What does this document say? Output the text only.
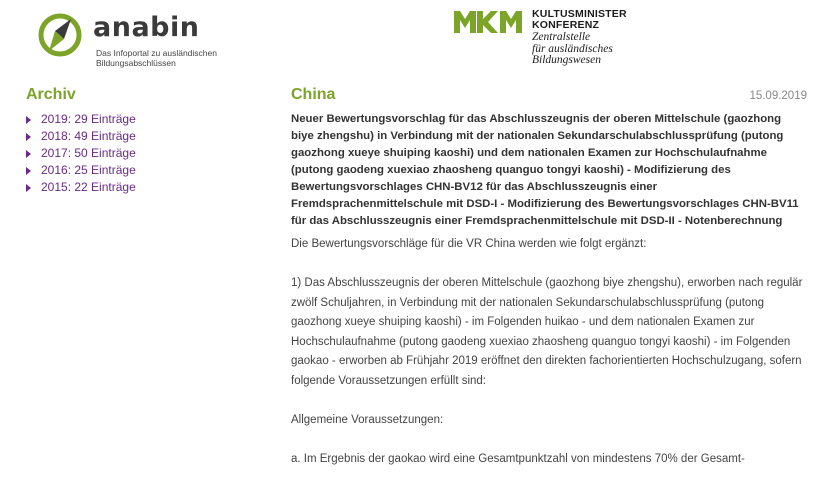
anabin
Das Infoportal zu ausländischen
Bildungsabschlüssen
KULTUSMINISTER
KONFERENZ
Zentralstelle
für ausländisches
Bildungswesen
Archiv
2019: 29 Einträge
2018: 49 Einträge
2017: 50 Einträge
2016: 25 Einträge
2015: 22 Einträge
China	15.09.2019
Neuer Bewertungsvorschlag für das Abschlusszeugnis der oberen Mittelschule (gaozhong biye zhengshu) in Verbindung mit der nationalen Sekundarschulabschlussprüfung (putong gaozhong xueye shuiping kaoshi) und dem nationalen Examen zur Hochschulaufnahme (putong gaodeng xuexiao zhaosheng quanguo tongyi kaoshi) - Modifizierung des Bewertungsvorschlages CHN-BV12 für das Abschlusszeugnis einer Fremdsprachenmittelschule mit DSD-I - Modifizierung des Bewertungsvorschlages CHN-BV11 für das Abschlusszeugnis einer Fremdsprachenmittelschule mit DSD-II - Notenberechnung

Die Bewertungsvorschläge für die VR China werden wie folgt ergänzt:

1) Das Abschlusszeugnis der oberen Mittelschule (gaozhong biye zhengshu), erworben nach regulär zwölf Schuljahren, in Verbindung mit der nationalen Sekundarschulabschlussprüfung (putong gaozhong xueye shuiping kaoshi) - im Folgenden huikao - und dem nationalen Examen zur Hochschulaufnahme (putong gaodeng xuexiao zhaosheng quanguo tongyi kaoshi) - im Folgenden gaokao - erworben ab Frühjahr 2019 eröffnet den direkten fachorientierten Hochschulzugang, sofern folgende Voraussetzungen erfüllt sind:

Allgemeine Voraussetzungen:

a. Im Ergebnis der gaokao wird eine Gesamtpunktzahl von mindestens 70% der Gesamt-
